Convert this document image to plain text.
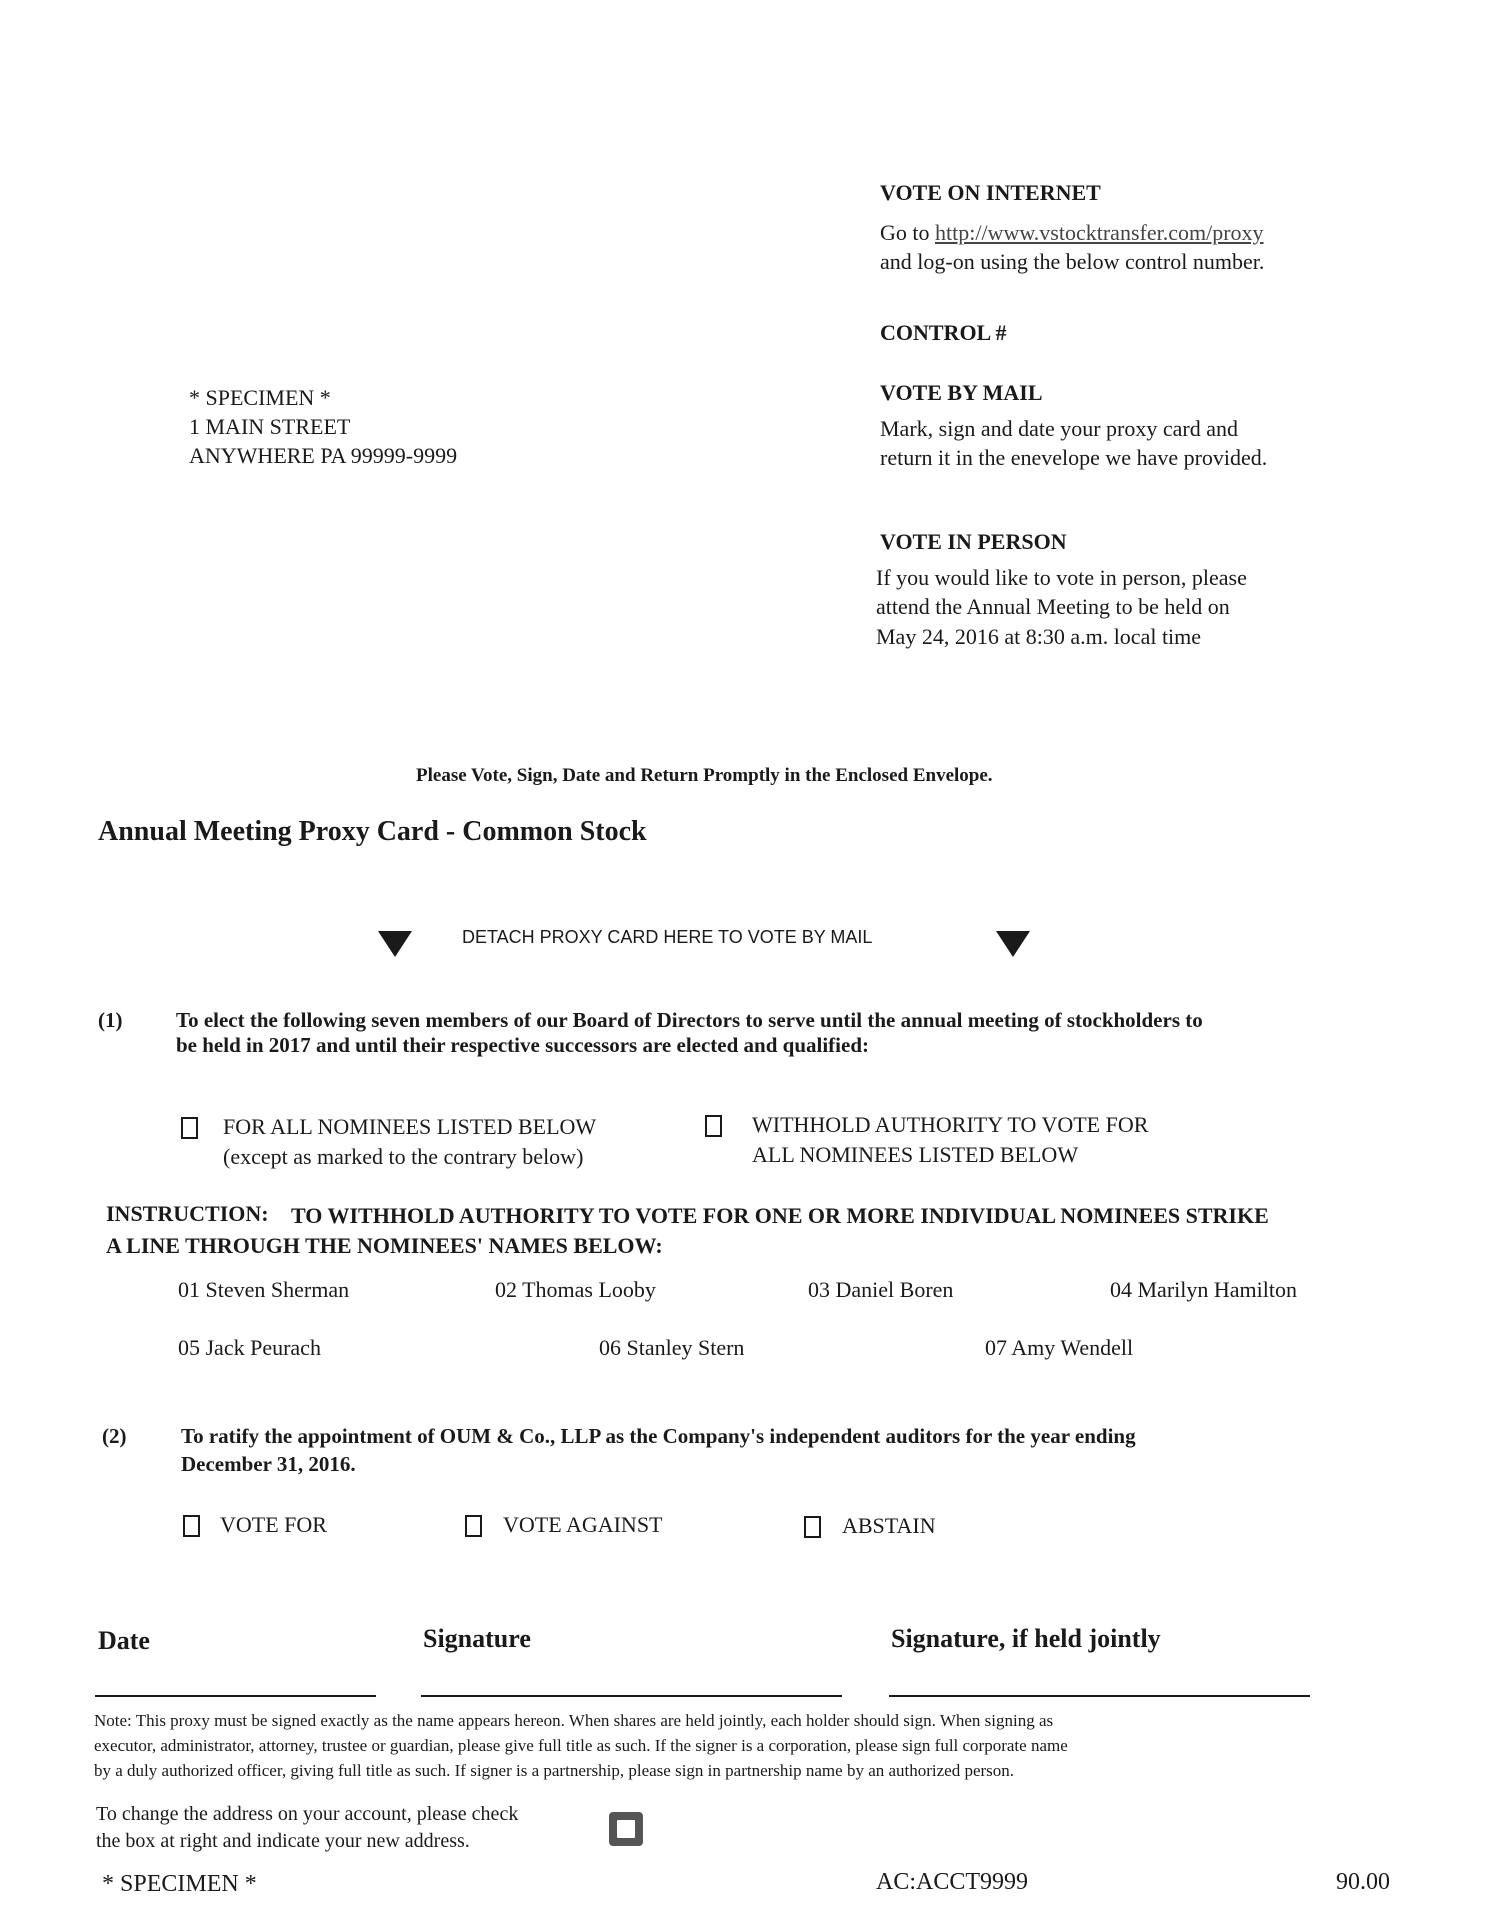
VOTE ON INTERNET
Go to http://www.vstocktransfer.com/proxy
and log-on using the below control number.
CONTROL #
VOTE BY MAIL
Mark, sign and date your proxy card and
return it in the enevelope we have provided.
VOTE IN PERSON
If you would like to vote in person, please
attend the Annual Meeting to be held on
May 24, 2016 at 8:30 a.m. local time
* SPECIMEN *
1 MAIN STREET
ANYWHERE PA 99999-9999
Please Vote, Sign, Date and Return Promptly in the Enclosed Envelope.
Annual Meeting Proxy Card - Common Stock
DETACH PROXY CARD HERE TO VOTE BY MAIL
(1)	To elect the following seven members of our Board of Directors to serve until the annual meeting of stockholders to
be held in 2017 and until their respective successors are elected and qualified:
FOR ALL NOMINEES LISTED BELOW
(except as marked to the contrary below)
WITHHOLD AUTHORITY TO VOTE FOR
ALL NOMINEES LISTED BELOW
INSTRUCTION: TO WITHHOLD AUTHORITY TO VOTE FOR ONE OR MORE INDIVIDUAL NOMINEES STRIKE
A LINE THROUGH THE NOMINEES' NAMES BELOW:
01 Steven Sherman	02 Thomas Looby	03 Daniel Boren	04 Marilyn Hamilton
05 Jack Peurach	06 Stanley Stern	07 Amy Wendell
(2)	To ratify the appointment of OUM & Co., LLP as the Company's independent auditors for the year ending
December 31, 2016.
VOTE FOR	VOTE AGAINST	ABSTAIN
Date	Signature	Signature, if held jointly
Note: This proxy must be signed exactly as the name appears hereon. When shares are held jointly, each holder should sign. When signing as
executor, administrator, attorney, trustee or guardian, please give full title as such. If the signer is a corporation, please sign full corporate name
by a duly authorized officer, giving full title as such. If signer is a partnership, please sign in partnership name by an authorized person.
To change the address on your account, please check
the box at right and indicate your new address.
* SPECIMEN *	AC:ACCT9999	90.00
